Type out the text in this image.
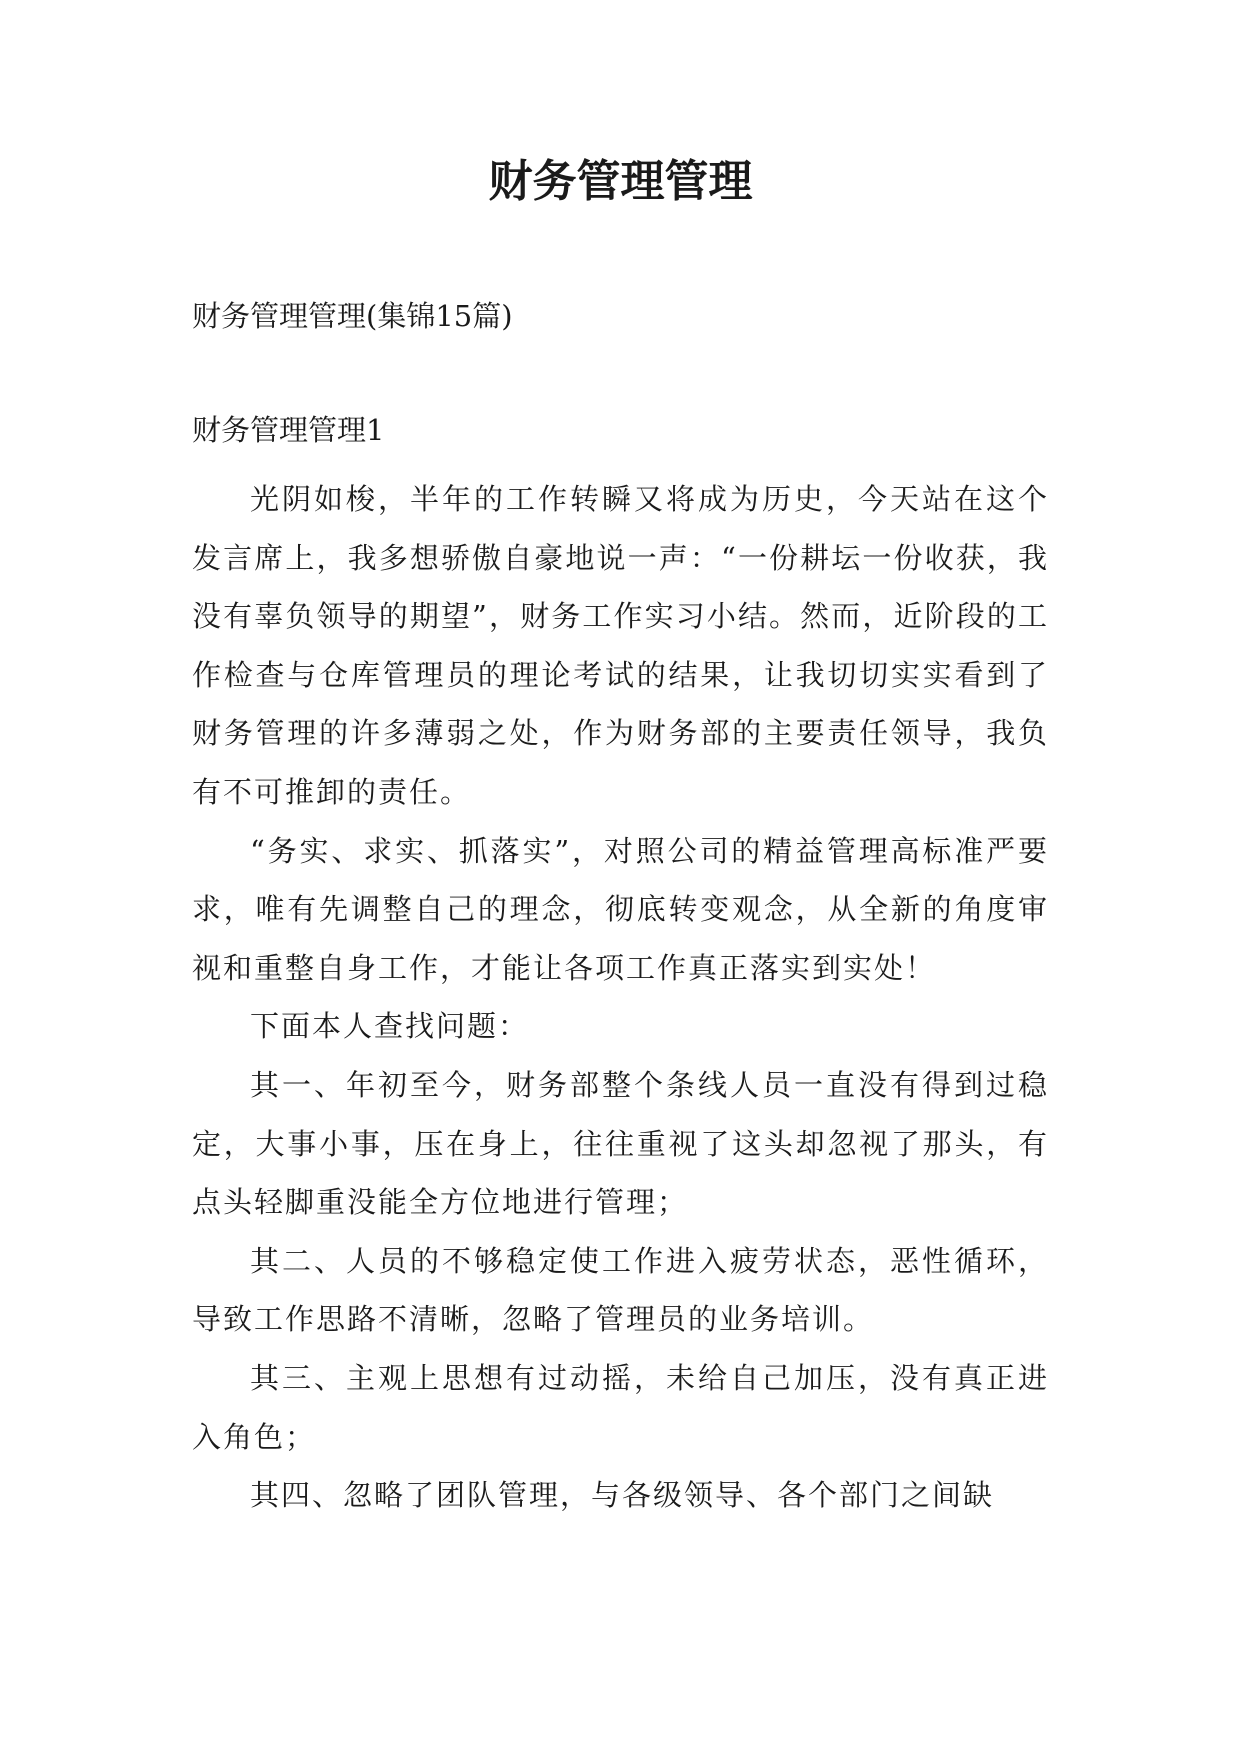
财务管理管理
财务管理管理(集锦15篇)
财务管理管理1

光阴如梭，半年的工作转瞬又将成为历史，今天站在这个发言席上，我多想骄傲自豪地说一声：“一份耕坛一份收获，我没有辜负领导的期望”，财务工作实习小结。然而，近阶段的工作检查与仓库管理员的理论考试的结果，让我切切实实看到了财务管理的许多薄弱之处，作为财务部的主要责任领导，我负有不可推卸的责任。

“务实、求实、抓落实”，对照公司的精益管理高标准严要求，唯有先调整自己的理念，彻底转变观念，从全新的角度审视和重整自身工作，才能让各项工作真正落实到实处！

下面本人查找问题：

其一、年初至今，财务部整个条线人员一直没有得到过稳定，大事小事，压在身上，往往重视了这头却忽视了那头，有点头轻脚重没能全方位地进行管理；

其二、人员的不够稳定使工作进入疲劳状态，恶性循环，导致工作思路不清晰，忽略了管理员的业务培训。

其三、主观上思想有过动摇，未给自己加压，没有真正进入角色；

其四、忽略了团队管理，与各级领导、各个部门之间缺
